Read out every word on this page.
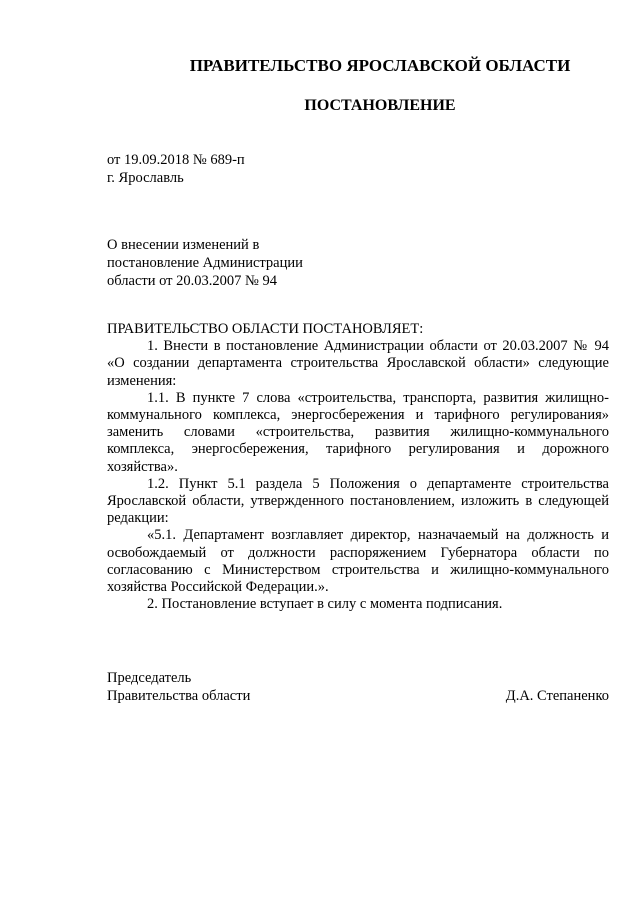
ПРАВИТЕЛЬСТВО ЯРОСЛАВСКОЙ ОБЛАСТИ
ПОСТАНОВЛЕНИЕ
от 19.09.2018 № 689-п
г. Ярославль
О внесении изменений в
постановление Администрации
области от 20.03.2007 № 94

ПРАВИТЕЛЬСТВО ОБЛАСТИ ПОСТАНОВЛЯЕТ:

1. Внести в постановление Администрации области от 20.03.2007 № 94 «О создании департамента строительства Ярославской области» следующие изменения:

1.1. В пункте 7 слова «строительства, транспорта, развития жилищно-коммунального комплекса, энергосбережения и тарифного регулирования» заменить словами «строительства, развития жилищно-коммунального комплекса, энергосбережения, тарифного регулирования и дорожного хозяйства».

1.2. Пункт 5.1 раздела 5 Положения о департаменте строительства Ярославской области, утвержденного постановлением, изложить в следующей редакции:

«5.1. Департамент возглавляет директор, назначаемый на должность и освобождаемый от должности распоряжением Губернатора области по согласованию с Министерством строительства и жилищно-коммунального хозяйства Российской Федерации.».

2. Постановление вступает в силу с момента подписания.

Председатель
Правительства области	Д.А. Степаненко
